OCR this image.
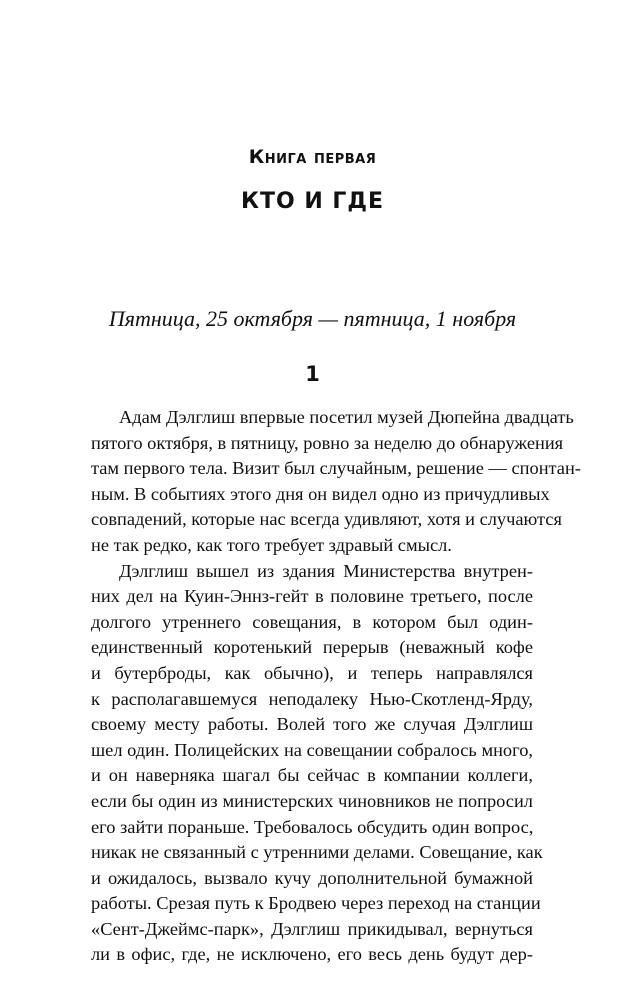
Книга первая
КТО И ГДЕ

Пятница, 25 октября — пятница, 1 ноября

1

Адам Дэлглиш впервые посетил музей Дюпейна двадцать
пятого октября, в пятницу, ровно за неделю до обнаружения
там первого тела. Визит был случайным, решение — спонтан-
ным. В событиях этого дня он видел одно из причудливых
совпадений, которые нас всегда удивляют, хотя и случаются
не так редко, как того требует здравый смысл.

Дэлглиш вышел из здания Министерства внутрен-
них дел на Куин-Эннз-гейт в половине третьего, после
долгого утреннего совещания, в котором был один-
единственный коротенький перерыв (неважный кофе
и бутерброды, как обычно), и теперь направлялся
к располагавшемуся неподалеку Нью-Скотленд-Ярду,
своему месту работы. Волей того же случая Дэлглиш
шел один. Полицейских на совещании собралось много,
и он наверняка шагал бы сейчас в компании коллеги,
если бы один из министерских чиновников не попросил
его зайти пораньше. Требовалось обсудить один вопрос,
никак не связанный с утренними делами. Совещание, как
и ожидалось, вызвало кучу дополнительной бумажной
работы. Срезая путь к Бродвею через переход на станции
«Сент-Джеймс-парк», Дэлглиш прикидывал, вернуться
ли в офис, где, не исключено, его весь день будут дер-
